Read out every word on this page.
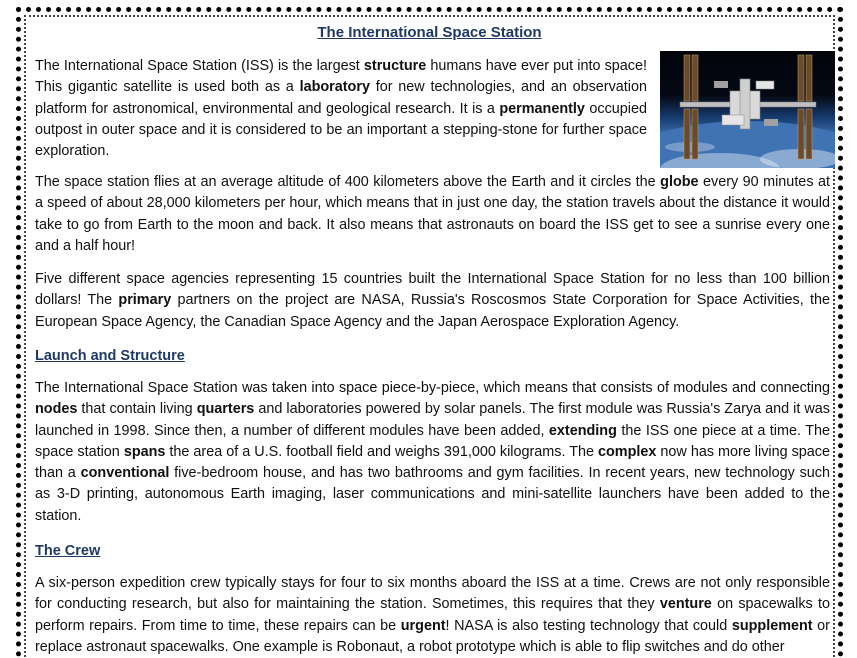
The International Space Station

The International Space Station (ISS) is the largest structure humans have ever put into space! This gigantic satellite is used both as a laboratory for new technologies, and an observation platform for astronomical, environmental and geological research. It is a permanently occupied outpost in outer space and it is considered to be an important a stepping-stone for further space exploration.

The space station flies at an average altitude of 400 kilometers above the Earth and it circles the globe every 90 minutes at a speed of about 28,000 kilometers per hour, which means that in just one day, the station travels about the distance it would take to go from Earth to the moon and back. It also means that astronauts on board the ISS get to see a sunrise every one and a half hour!

Five different space agencies representing 15 countries built the International Space Station for no less than 100 billion dollars! The primary partners on the project are NASA, Russia's Roscosmos State Corporation for Space Activities, the European Space Agency, the Canadian Space Agency and the Japan Aerospace Exploration Agency.

Launch and Structure

The International Space Station was taken into space piece-by-piece, which means that consists of modules and connecting nodes that contain living quarters and laboratories powered by solar panels. The first module was Russia's Zarya and it was launched in 1998. Since then, a number of different modules have been added, extending the ISS one piece at a time. The space station spans the area of a U.S. football field and weighs 391,000 kilograms. The complex now has more living space than a conventional five-bedroom house, and has two bathrooms and gym facilities. In recent years, new technology such as 3-D printing, autonomous Earth imaging, laser communications and mini-satellite launchers have been added to the station.

The Crew

A six-person expedition crew typically stays for four to six months aboard the ISS at a time. Crews are not only responsible for conducting research, but also for maintaining the station. Sometimes, this requires that they venture on spacewalks to perform repairs. From time to time, these repairs can be urgent! NASA is also testing technology that could supplement or replace astronaut spacewalks. One example is Robonaut, a robot prototype which is able to flip switches and do other
